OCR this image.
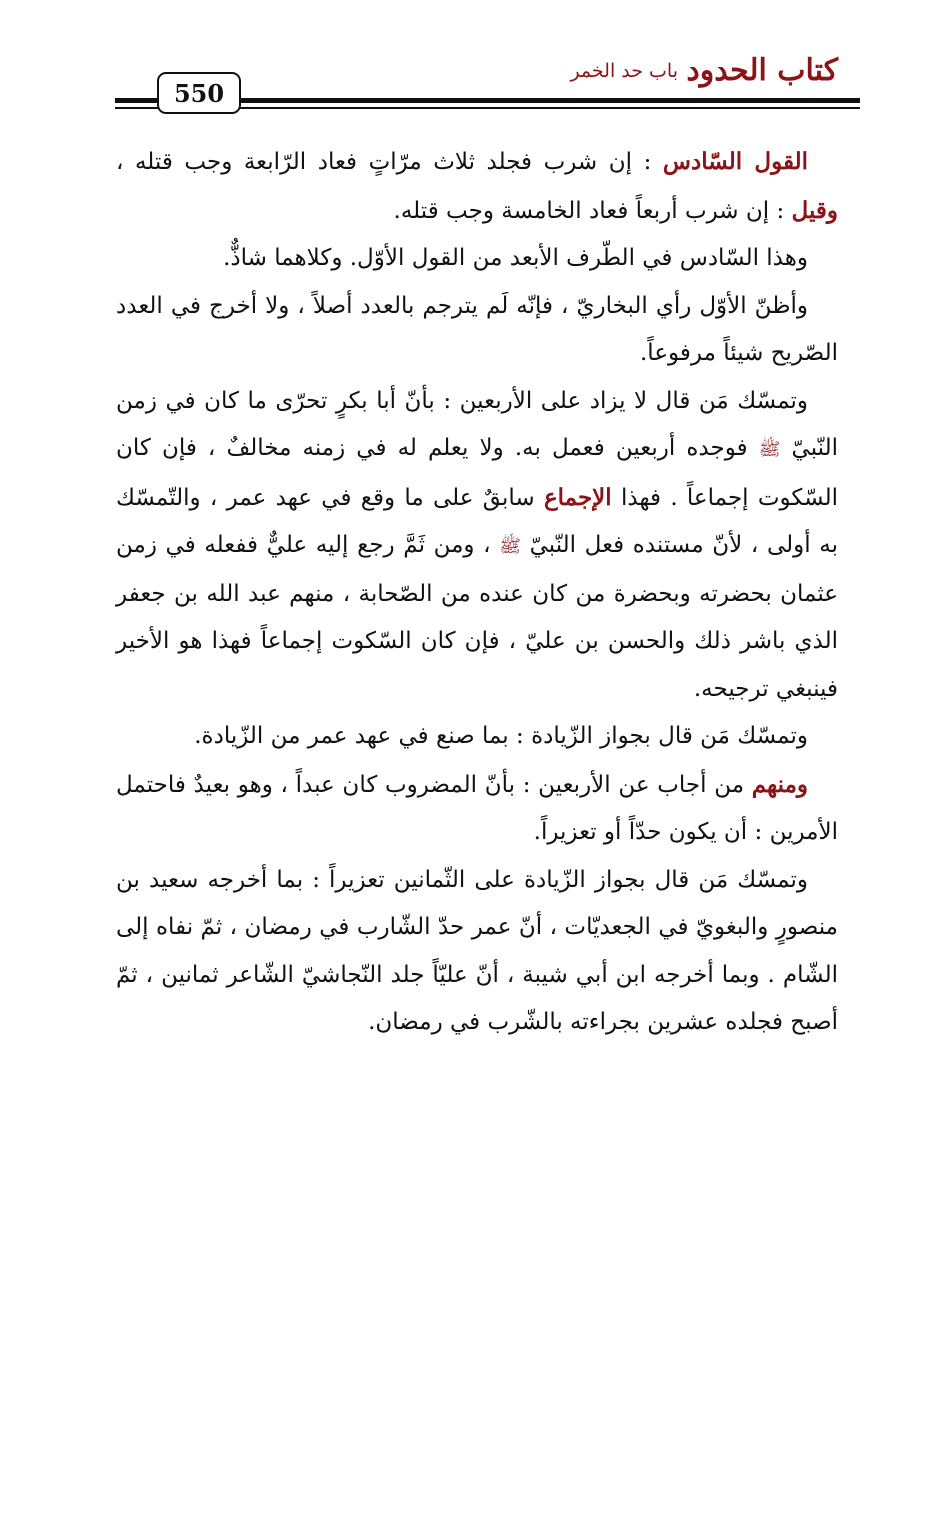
كتاب الحدود
باب حد الخمر
550

القول السّادس : إن شرب فجلد ثلاث مرّاتٍ فعاد الرّابعة وجب قتله ، وقيل : إن شرب أربعاً فعاد الخامسة وجب قتله.

وهذا السّادس في الطّرف الأبعد من القول الأوّل. وكلاهما شاذٌّ.

وأظنّ الأوّل رأي البخاريّ ، فإنّه لَم يترجم بالعدد أصلاً ، ولا أخرج في العدد الصّريح شيئاً مرفوعاً.

وتمسّك مَن قال لا يزاد على الأربعين : بأنّ أبا بكرٍ تحرّى ما كان في زمن النّبيّ ﷺ فوجده أربعين فعمل به. ولا يعلم له في زمنه مخالفٌ ، فإن كان السّكوت إجماعاً . فهذا الإجماع سابقٌ على ما وقع في عهد عمر ، والتّمسّك به أولى ، لأنّ مستنده فعل النّبيّ ﷺ ، ومن ثَمَّ رجع إليه عليٌّ ففعله في زمن عثمان بحضرته وبحضرة من كان عنده من الصّحابة ، منهم عبد الله بن جعفر الذي باشر ذلك والحسن بن عليّ ، فإن كان السّكوت إجماعاً فهذا هو الأخير فينبغي ترجيحه.

وتمسّك مَن قال بجواز الزّيادة : بما صنع في عهد عمر من الزّيادة.

ومنهم من أجاب عن الأربعين : بأنّ المضروب كان عبداً ، وهو بعيدٌ فاحتمل الأمرين : أن يكون حدّاً أو تعزيراً.

وتمسّك مَن قال بجواز الزّيادة على الثّمانين تعزيراً : بما أخرجه سعيد بن منصورٍ والبغويّ في الجعديّات ، أنّ عمر حدّ الشّارب في رمضان ، ثمّ نفاه إلى الشّام . وبما أخرجه ابن أبي شيبة ، أنّ عليّاً جلد النّجاشيّ الشّاعر ثمانين ، ثمّ أصبح فجلده عشرين بجراءته بالشّرب في رمضان.
